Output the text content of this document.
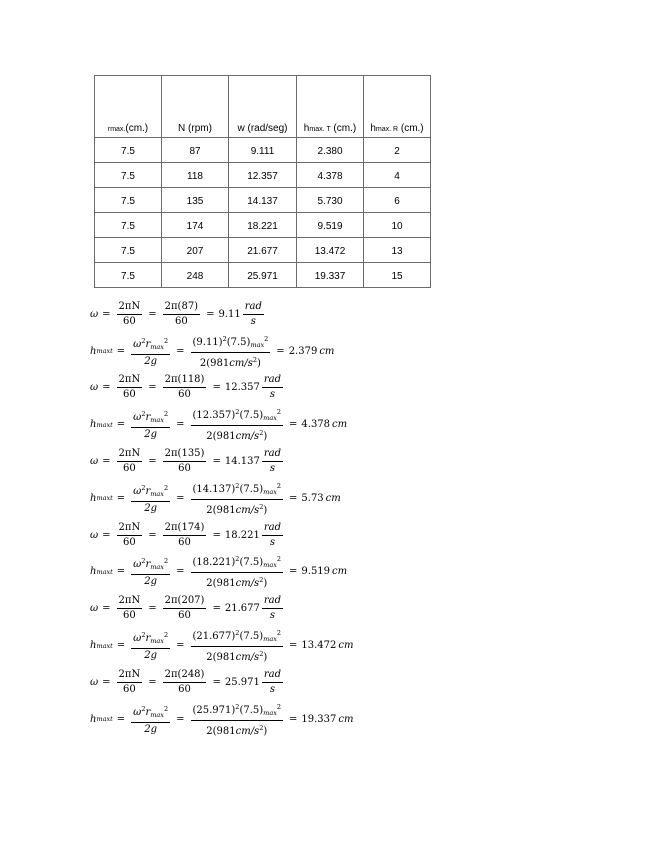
rmax.(cm.)	N (rpm)	w (rad/seg)	hmax. T (cm.)	hmax. R (cm.)
7.5	87	9.111	2.380	2
7.5	118	12.357	4.378	4
7.5	135	14.137	5.730	6
7.5	174	18.221	9.519	10
7.5	207	21.677	13.472	13
7.5	248	25.971	19.337	15
$\omega = \frac{2\pi N}{60} = \frac{2\pi(87)}{60} = 9.11 \frac{\text{rad}}{s}$
h $\max t = \frac{\omega^2r_{max}^2}{2g} = \frac{(9.11)^2(7.5)_{max}^2}{2(981cm/s^2)} = 2.379$ cm
$\omega = \frac{2\pi N}{60} = \frac{2\pi(118)}{60} = 12.357 \frac{\text{rad}}{s}$
h $\max t = \frac{\omega^2r_{max}^2}{2g} = \frac{(12.357)^2(7.5)_{max}^2}{2(981cm/s^2)} = 4.378$ cm
$\omega = \frac{2\pi N}{60} = \frac{2\pi(135)}{60} = 14.137 \frac{\text{rad}}{s}$
h $\max t = \frac{\omega^2r_{max}^2}{2g} = \frac{(14.137)^2(7.5)_{max}^2}{2(981cm/s^2)} = 5.73$ cm
$\omega = \frac{2\pi N}{60} = \frac{2\pi(174)}{60} = 18.221 \frac{\text{rad}}{s}$
h $\max t = \frac{\omega^2r_{max}^2}{2g} = \frac{(18.221)^2(7.5)_{max}^2}{2(981cm/s^2)} = 9.519$ cm
$\omega = \frac{2\pi N}{60} = \frac{2\pi(207)}{60} = 21.677 \frac{\text{rad}}{s}$
h $\max t = \frac{\omega^2r_{max}^2}{2g} = \frac{(21.677)^2(7.5)_{max}^2}{2(981cm/s^2)} = 13.472$ cm
$\omega = \frac{2\pi N}{60} = \frac{2\pi(248)}{60} = 25.971 \frac{\text{rad}}{s}$
h $\max t = \frac{\omega^2r_{max}^2}{2g} = \frac{(25.971)^2(7.5)_{max}^2}{2(981cm/s^2)} = 19.337$ cm
